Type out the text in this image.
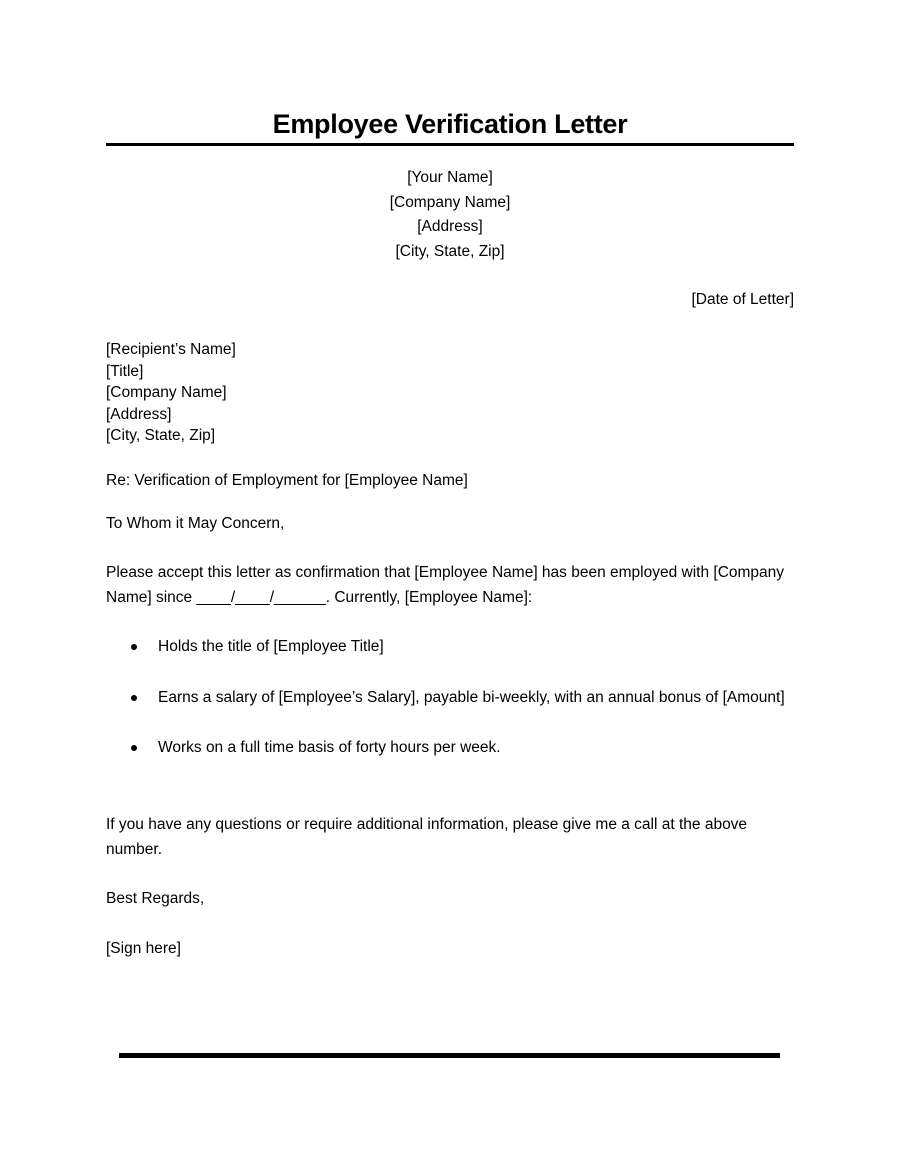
Employee Verification Letter
[Your Name]
[Company Name]
[Address]
[City, State, Zip]
[Date of Letter]
[Recipient’s Name]
[Title]
[Company Name]
[Address]
[City, State, Zip]
Re: Verification of Employment for [Employee Name]
To Whom it May Concern,
Please accept this letter as confirmation that [Employee Name] has been employed with [Company Name] since ____/____/______. Currently, [Employee Name]:
Holds the title of [Employee Title]
Earns a salary of [Employee’s Salary], payable bi-weekly, with an annual bonus of [Amount]
Works on a full time basis of forty hours per week.
If you have any questions or require additional information, please give me a call at the above number.
Best Regards,
[Sign here]
